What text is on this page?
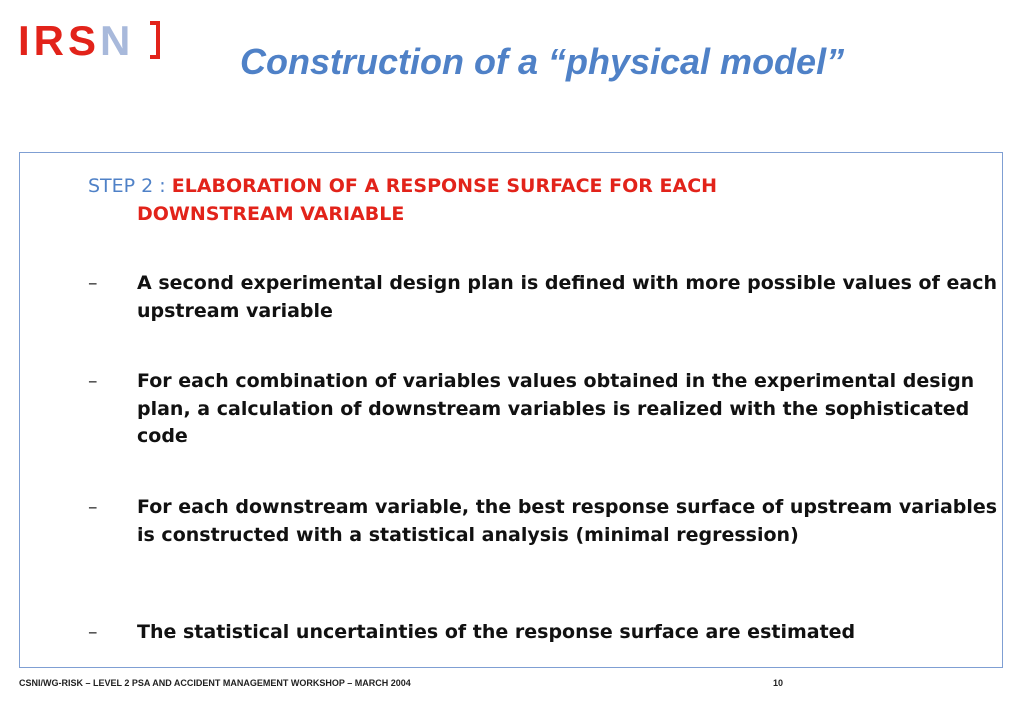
IRSN	Construction of a “physical model”
STEP 2 : ELABORATION OF A RESPONSE SURFACE FOR EACH
DOWNSTREAM VARIABLE
–	A second experimental design plan is defined with more possible values of each upstream variable
–	For each combination of variables values obtained in the experimental design plan, a calculation of downstream variables is realized with the sophisticated code
–	For each downstream variable, the best response surface of upstream variables is constructed with a statistical analysis (minimal regression)
–	The statistical uncertainties of the response surface are estimated
CSNI/WG-RISK – LEVEL 2 PSA AND ACCIDENT MANAGEMENT WORKSHOP – MARCH 2004	10
